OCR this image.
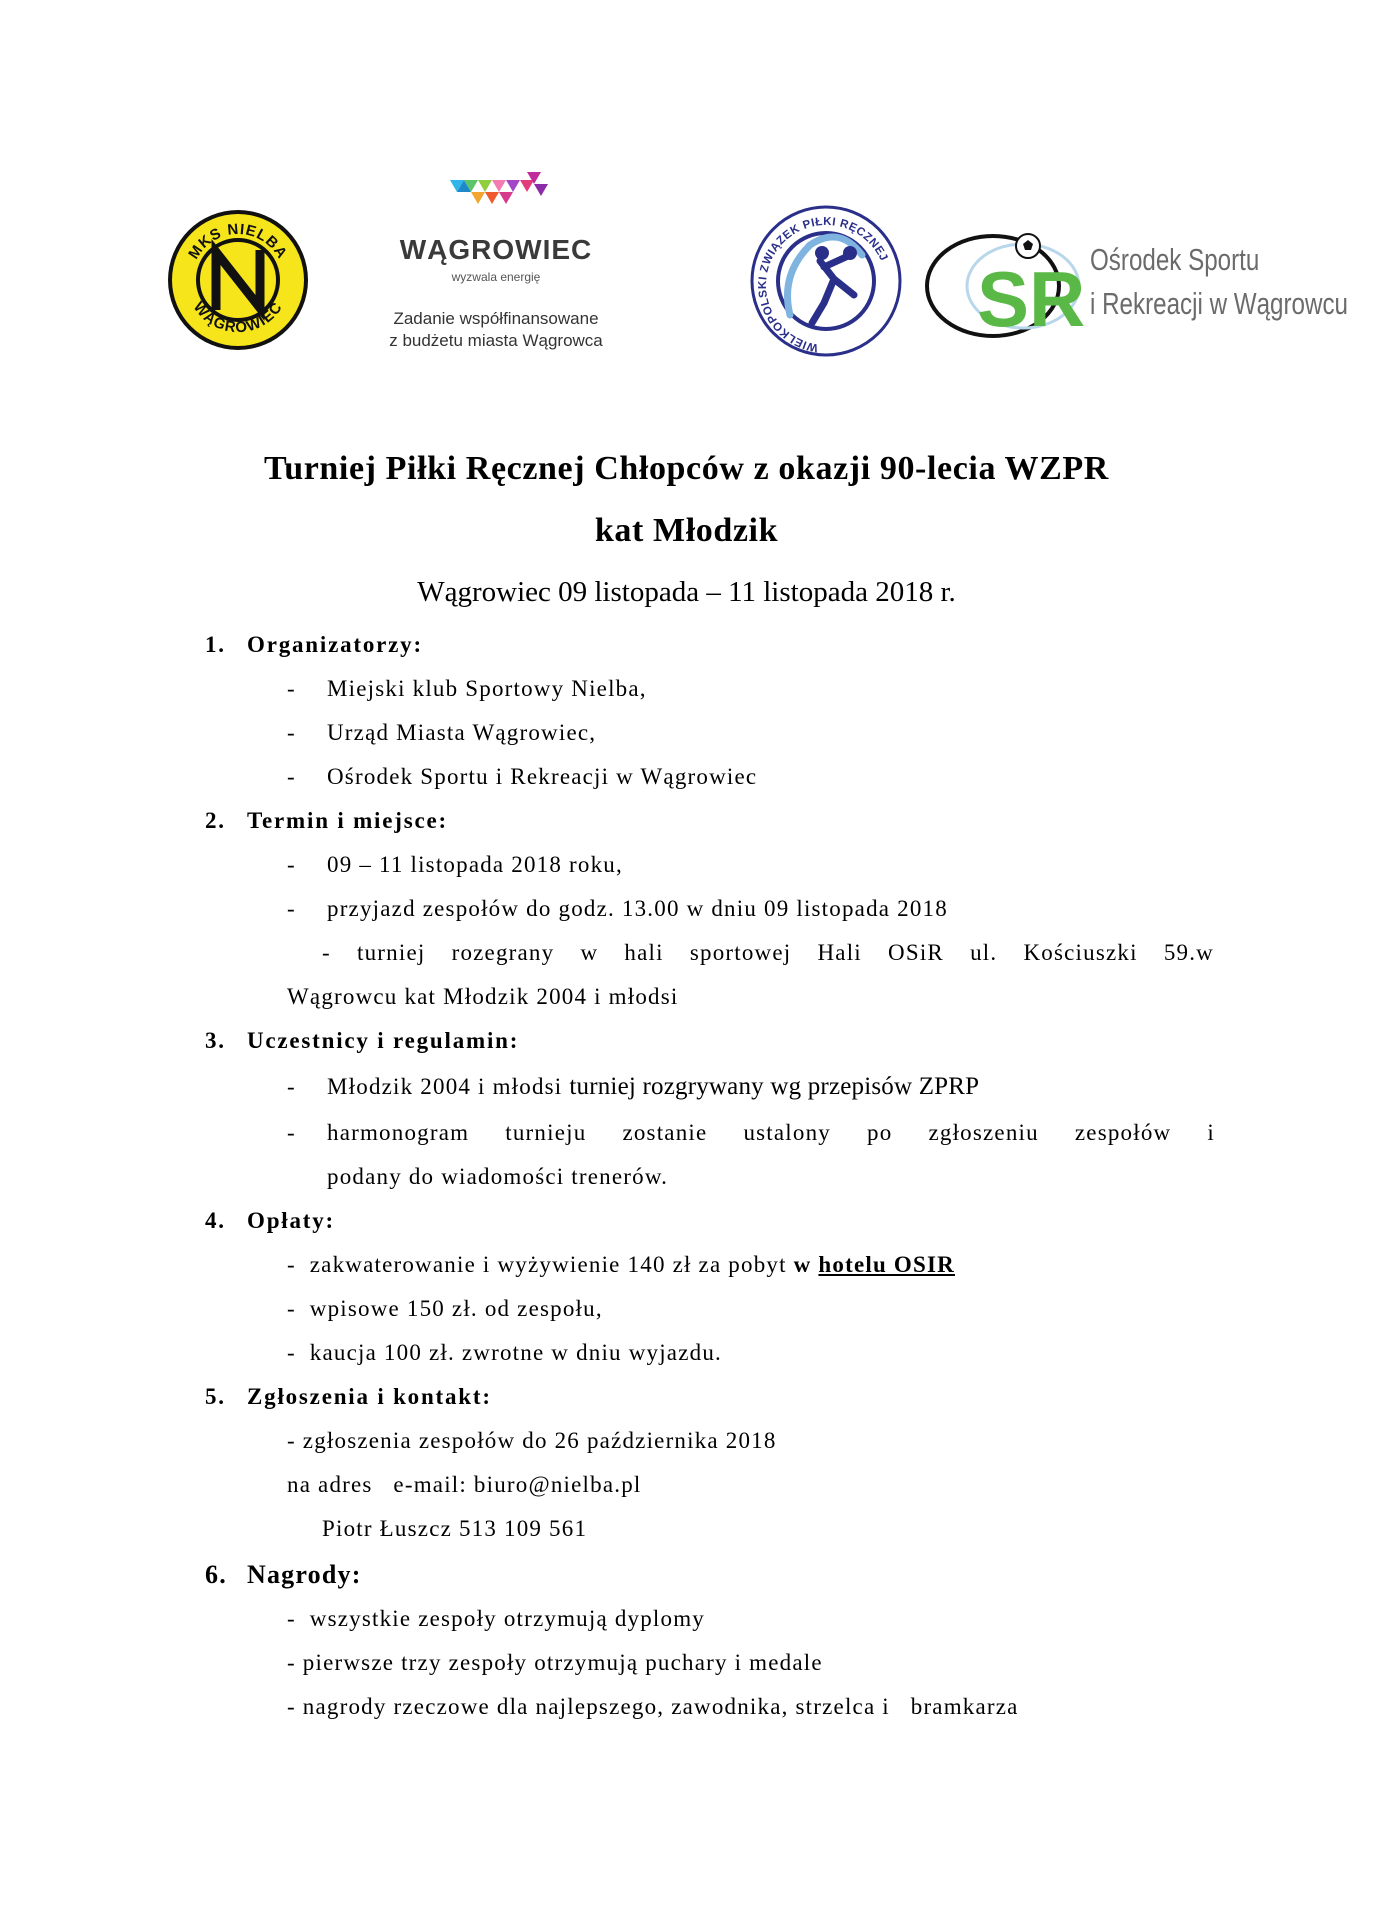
MKS NIELBA
WĄGROWIEC
WĄGROWIEC
wyzwala energię
Zadanie współfinansowane
z budżetu miasta Wągrowca	WIELKOPOLSKI ZWIĄZEK PIŁKI RĘCZNEJ SR Ośrodek Sportu
i Rekreacji w Wągrowcu
Turniej Piłki Ręcznej Chłopców z okazji 90-lecia WZPR
kat Młodzik
Wągrowiec 09 listopada – 11 listopada 2018 r.
1. Organizatorzy:
- Miejski klub Sportowy Nielba,
- Urząd Miasta Wągrowiec,
- Ośrodek Sportu i Rekreacji w Wągrowiec
2. Termin i miejsce:
- 09 – 11 listopada 2018 roku,
- przyjazd zespołów do godz. 13.00 w dniu 09 listopada 2018
- turniej rozegrany w hali sportowej Hali OSiR ul. Kościuszki 59.w
Wągrowcu kat Młodzik 2004 i młodsi
3. Uczestnicy i regulamin:
- Młodzik 2004 i młodsi turniej rozgrywany wg przepisów ZPRP
-	harmonogram turnieju zostanie ustalony po zgłoszeniu zespołów i
podany do wiadomości trenerów.
4. Opłaty:
- zakwaterowanie i wyżywienie 140 zł za pobyt w hotelu OSIR
- wpisowe 150 zł. od zespołu,
- kaucja 100 zł. zwrotne w dniu wyjazdu.
5. Zgłoszenia i kontakt:
- zgłoszenia zespołów do 26 października 2018
na adres   e-mail: biuro@nielba.pl
Piotr Łuszcz 513 109 561
6. Nagrody:
-  wszystkie zespoły otrzymują dyplomy
- pierwsze trzy zespoły otrzymują puchary i medale
- nagrody rzeczowe dla najlepszego, zawodnika, strzelca i   bramkarza
